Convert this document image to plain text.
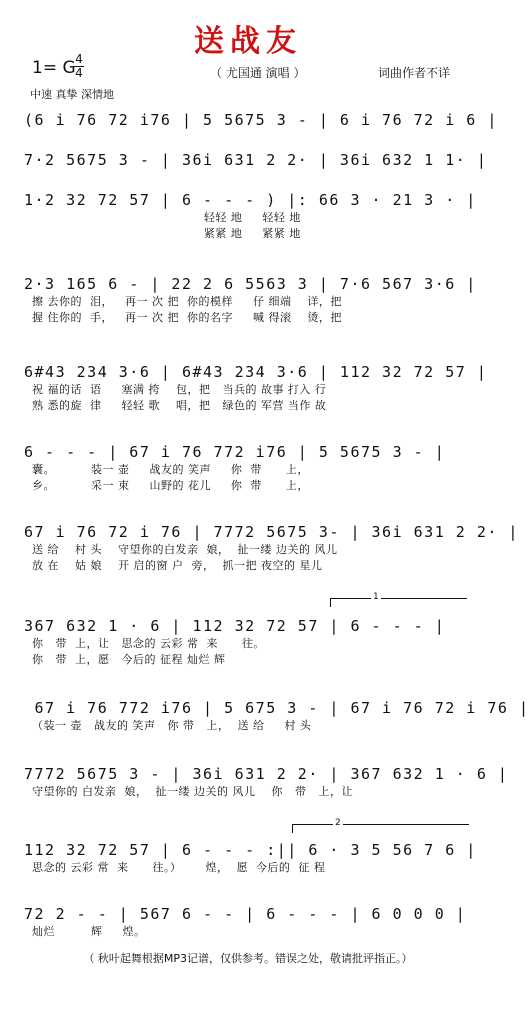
送战友
1= G 4
4	（ 尤国通 演唱 ）	词曲作者不详
中速 真挚 深情地
(6 i 76 72 i76 | 5 5675 3 - | 6 i 76 72 i 6 |
7·2 5675 3 - | 36i 631 2 2· | 36i 632 1 1· |
1·2 32 72 57 | 6 - - - ) |: 66 3 · 21 3 · |
轻轻 地     轻轻 地
紧紧 地     紧紧 地
2·3 165 6 - | 22 2 6 5563 3 | 7·6 567 3·6 |
擦 去你的  泪，   再一 次 把  你的模样     仔 细端    详，把
握 住你的  手，   再一 次 把  你的名字     喊 得滚    烫，把
6#43 234 3·6 | 6#43 234 3·6 | 112 32 72 57 |
祝 福的话  语     塞满 挎    包，把   当兵的 故事 打入 行
熟 悉的旋  律     轻轻 歌    唱，把   绿色的 军营 当作 故
6 - - - | 67 i 76 772 i76 | 5 5675 3 - |
囊。         装一 壶     战友的 笑声     你  带      上，
乡。         采一 束     山野的 花儿     你  带      上，
67 i 76 72 i 76 | 7772 5675 3- | 36i 631 2 2· |
送 给    村 头    守望你的白发亲  娘，  扯一缕 边关的 风儿
放 在    姑 娘    开 启的窗 户  旁，  抓一把 夜空的 星儿
1
367 632 1 · 6 | 112 32 72 57 | 6 - - - |
你   带  上，让   思念的 云彩 常  来      往。
你   带  上，愿   今后的 征程 灿烂 辉
67 i 76 772 i76 | 5 675 3 - | 67 i 76 72 i 76 |
（装一 壶   战友的 笑声   你 带   上，  送 给     村 头
7772 5675 3 - | 36i 631 2 2· | 367 632 1 · 6 |
守望你的 白发亲  娘，  扯一缕 边关的 风儿    你   带   上，让
2
112 32 72 57 | 6 - - - :|| 6 · 3 5 56 7 6 |
思念的 云彩 常  来      往。）      煌，  愿  今后的  征 程
72 2 - - | 567 6 - - | 6 - - - | 6 0 0 0 |
灿烂         辉     煌。
（ 秋叶起舞根据MP3记谱，仅供参考。错误之处，敬请批评指正。）
